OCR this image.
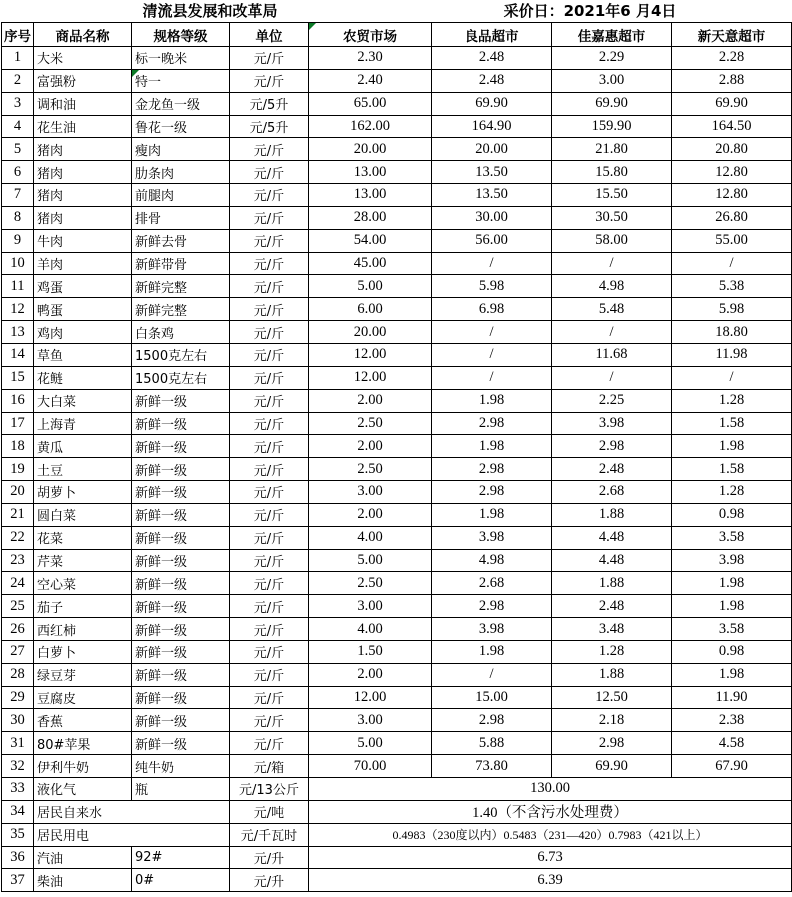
清流县发展和改革局	采价日：2021年6 月4日
序号	商品名称	规格等级	单位	农贸市场	良品超市	佳嘉惠超市	新天意超市
1	大米	标一晚米	元/斤	2.30	2.48	2.29	2.28
2	富强粉	特一	元/斤	2.40	2.48	3.00	2.88
3	调和油	金龙鱼一级	元/5升	65.00	69.90	69.90	69.90
4	花生油	鲁花一级	元/5升	162.00	164.90	159.90	164.50
5	猪肉	瘦肉	元/斤	20.00	20.00	21.80	20.80
6	猪肉	肋条肉	元/斤	13.00	13.50	15.80	12.80
7	猪肉	前腿肉	元/斤	13.00	13.50	15.50	12.80
8	猪肉	排骨	元/斤	28.00	30.00	30.50	26.80
9	牛肉	新鲜去骨	元/斤	54.00	56.00	58.00	55.00
10	羊肉	新鲜带骨	元/斤	45.00	/	/	/
11	鸡蛋	新鲜完整	元/斤	5.00	5.98	4.98	5.38
12	鸭蛋	新鲜完整	元/斤	6.00	6.98	5.48	5.98
13	鸡肉	白条鸡	元/斤	20.00	/	/	18.80
14	草鱼	1500克左右	元/斤	12.00	/	11.68	11.98
15	花鲢	1500克左右	元/斤	12.00	/	/	/
16	大白菜	新鲜一级	元/斤	2.00	1.98	2.25	1.28
17	上海青	新鲜一级	元/斤	2.50	2.98	3.98	1.58
18	黄瓜	新鲜一级	元/斤	2.00	1.98	2.98	1.98
19	土豆	新鲜一级	元/斤	2.50	2.98	2.48	1.58
20	胡萝卜	新鲜一级	元/斤	3.00	2.98	2.68	1.28
21	圆白菜	新鲜一级	元/斤	2.00	1.98	1.88	0.98
22	花菜	新鲜一级	元/斤	4.00	3.98	4.48	3.58
23	芹菜	新鲜一级	元/斤	5.00	4.98	4.48	3.98
24	空心菜	新鲜一级	元/斤	2.50	2.68	1.88	1.98
25	茄子	新鲜一级	元/斤	3.00	2.98	2.48	1.98
26	西红柿	新鲜一级	元/斤	4.00	3.98	3.48	3.58
27	白萝卜	新鲜一级	元/斤	1.50	1.98	1.28	0.98
28	绿豆芽	新鲜一级	元/斤	2.00	/	1.88	1.98
29	豆腐皮	新鲜一级	元/斤	12.00	15.00	12.50	11.90
30	香蕉	新鲜一级	元/斤	3.00	2.98	2.18	2.38
31	80#苹果	新鲜一级	元/斤	5.00	5.88	2.98	4.58
32	伊利牛奶	纯牛奶	元/箱	70.00	73.80	69.90	67.90
33	液化气	瓶	元/13公斤	130.00			
34	居民自来水		元/吨	1.40（不含污水处理费）			
35	居民用电		元/千瓦时	0.4983（230度以内）0.5483（231—420）0.7983（421以上）			
36	汽油	92#	元/升	6.73			
37	柴油	0#	元/升	6.39			
